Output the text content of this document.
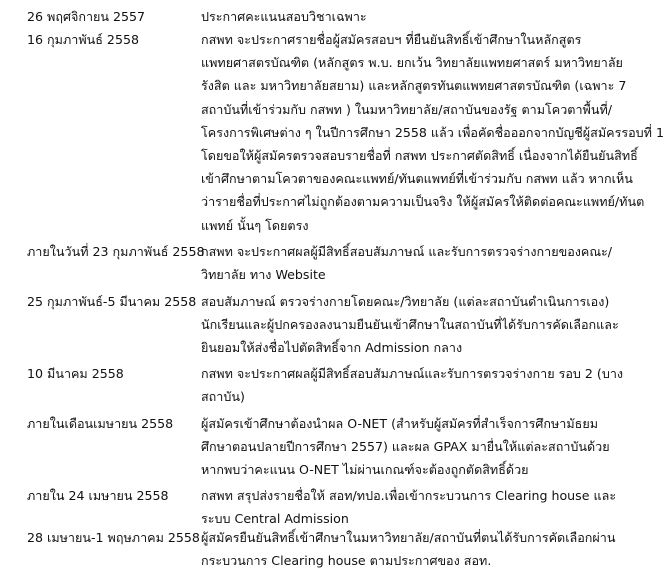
26 พฤศจิกายน 2557	ประกาศคะแนนสอบวิชาเฉพาะ
16 กุมภาพันธ์ 2558	กสพท จะประกาศรายชื่อผู้สมัครสอบฯ ที่ยืนยันสิทธิ์เข้าศึกษาในหลักสูตร
แพทยศาสตรบัณฑิต (หลักสูตร พ.บ. ยกเว้น วิทยาลัยแพทยศาสตร์ มหาวิทยาลัย
รังสิต และ มหาวิทยาลัยสยาม) และหลักสูตรทันตแพทยศาสตรบัณฑิต (เฉพาะ 7
สถาบันที่เข้าร่วมกับ กสพท ) ในมหาวิทยาลัย/สถาบันของรัฐ ตามโควตาพื้นที่/
โครงการพิเศษต่าง ๆ ในปีการศึกษา 2558 แล้ว เพื่อคัดชื่อออกจากบัญชีผู้สมัครรอบที่ 1
โดยขอให้ผู้สมัครตรวจสอบรายชื่อที่ กสพท ประกาศตัดสิทธิ์ เนื่องจากได้ยืนยันสิทธิ์
เข้าศึกษาตามโควตาของคณะแพทย์/ทันตแพทย์ที่เข้าร่วมกับ กสพท แล้ว หากเห็น
ว่ารายชื่อที่ประกาศไม่ถูกต้องตามความเป็นจริง ให้ผู้สมัครให้ติดต่อคณะแพทย์/ทันต
แพทย์ นั้นๆ โดยตรง
ภายในวันที่ 23 กุมภาพันธ์ 2558
กสพท จะประกาศผลผู้มีสิทธิ์สอบสัมภาษณ์ และรับการตรวจร่างกายของคณะ/
วิทยาลัย ทาง Website
25 กุมภาพันธ์-5 มีนาคม 2558 สอบสัมภาษณ์ ตรวจร่างกายโดยคณะ/วิทยาลัย (แต่ละสถาบันดำเนินการเอง)
นักเรียนและผู้ปกครองลงนามยืนยันเข้าศึกษาในสถาบันที่ได้รับการคัดเลือกและ
ยินยอมให้ส่งชื่อไปตัดสิทธิ์จาก Admission กลาง
10 มีนาคม 2558	กสพท จะประกาศผลผู้มีสิทธิ์สอบสัมภาษณ์และรับการตรวจร่างกาย รอบ 2 (บาง
สถาบัน)
ภายในเดือนเมษายน 2558 ผู้สมัครเข้าศึกษาต้องนำผล O-NET (สำหรับผู้สมัครที่สำเร็จการศึกษามัธยม
ศึกษาตอนปลายปีการศึกษา 2557) และผล GPAX มายื่นให้แต่ละสถาบันด้วย
หากพบว่าคะแนน O-NET ไม่ผ่านเกณฑ์จะต้องถูกตัดสิทธิ์ด้วย
ภายใน 24 เมษายน 2558	กสพท สรุปส่งรายชื่อให้ สอท/ทปอ.เพื่อเข้ากระบวนการ Clearing house และ
ระบบ Central Admission
28 เมษายน-1 พฤษภาคม 2558 ผู้สมัครยืนยันสิทธิ์เข้าศึกษาในมหาวิทยาลัย/สถาบันที่ตนได้รับการคัดเลือกผ่าน
กระบวนการ Clearing house ตามประกาศของ สอท.
